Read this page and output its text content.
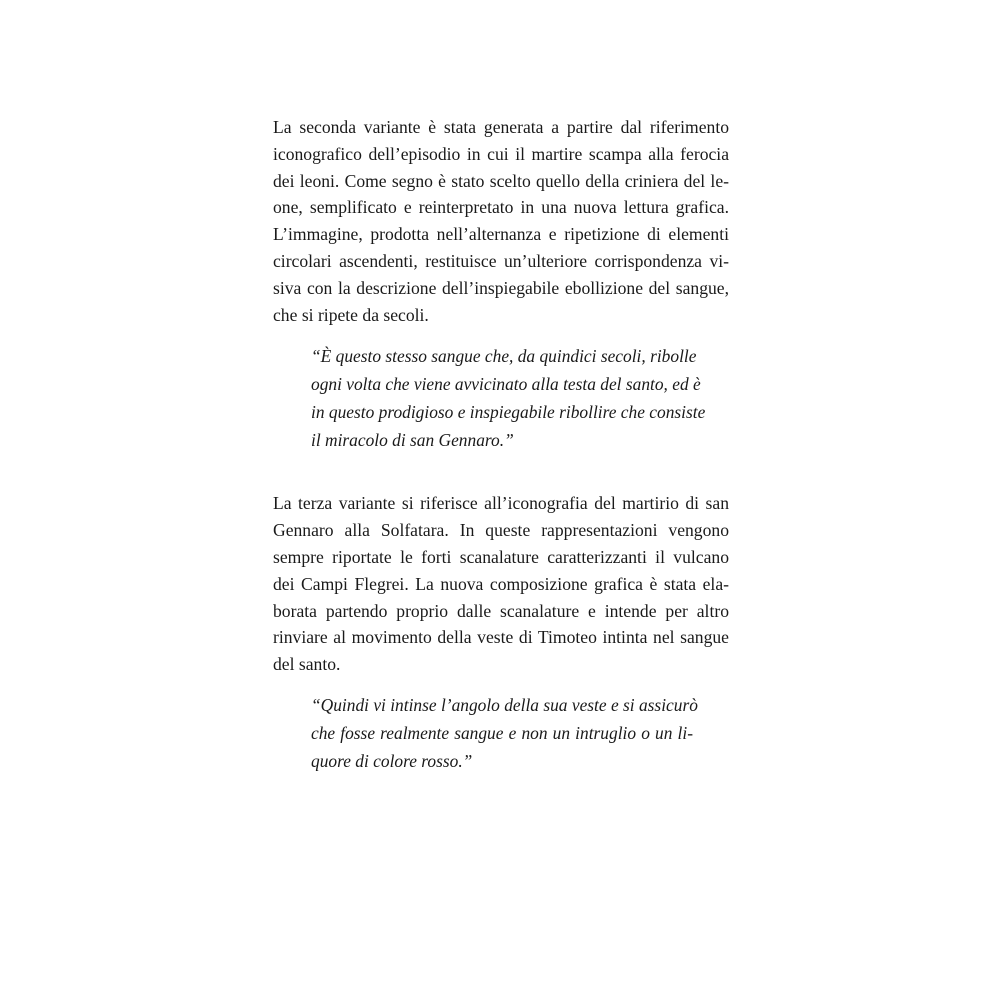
La seconda variante è stata generata a partire dal riferimento
iconografico dell’episodio in cui il martire scampa alla ferocia
dei leoni. Come segno è stato scelto quello della criniera del le-
one, semplificato e reinterpretato in una nuova lettura grafica.
L’immagine, prodotta nell’alternanza e ripetizione di elementi
circolari ascendenti, restituisce un’ulteriore corrispondenza vi-
siva con la descrizione dell’inspiegabile ebollizione del sangue,
che si ripete da secoli.
“È questo stesso sangue che, da quindici secoli, ribolle
ogni volta che viene avvicinato alla testa del santo, ed è
in questo prodigioso e inspiegabile ribollire che consiste
il miracolo di san Gennaro.”
La terza variante si riferisce all’iconografia del martirio di san
Gennaro alla Solfatara. In queste rappresentazioni vengono
sempre riportate le forti scanalature caratterizzanti il vulcano
dei Campi Flegrei. La nuova composizione grafica è stata ela-
borata partendo proprio dalle scanalature e intende per altro
rinviare al movimento della veste di Timoteo intinta nel sangue
del santo.
“Quindi vi intinse l’angolo della sua veste e si assicurò
che fosse realmente sangue e non un intruglio o un li-
quore di colore rosso.”
